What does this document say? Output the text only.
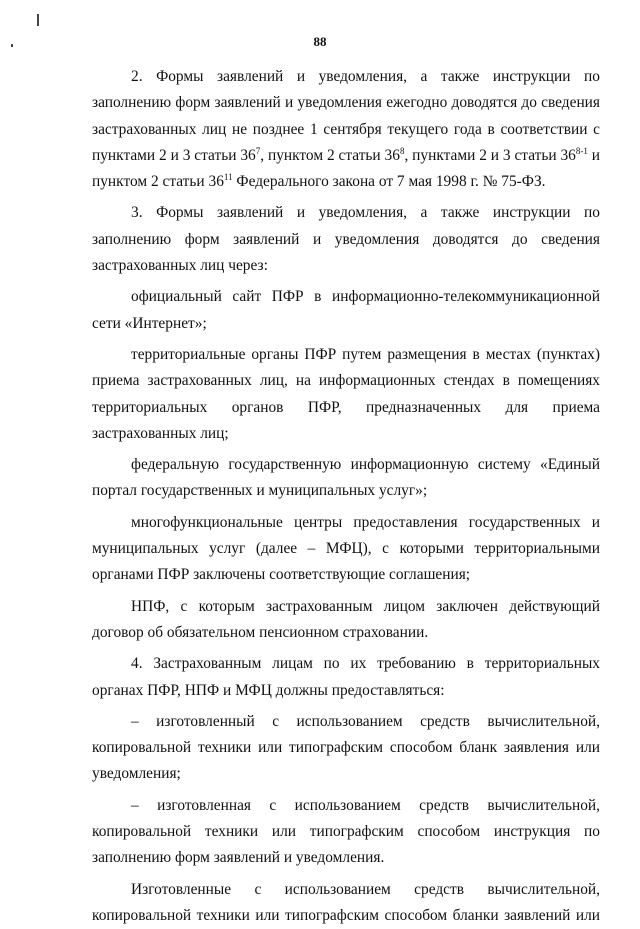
88

2. Формы заявлений и уведомления, а также инструкции по заполнению форм заявлений и уведомления ежегодно доводятся до сведения застрахованных лиц не позднее 1 сентября текущего года в соответствии с пунктами 2 и 3 статьи $36^7$, пунктом 2 статьи $36^8$, пунктами 2 и 3 статьи 36$^{8-1}$ и пунктом 2 статьи $36^{11}$ Федерального закона от 7 мая 1998 г. № 75-ФЗ.

3. Формы заявлений и уведомления, а также инструкции по заполнению форм заявлений и уведомления доводятся до сведения застрахованных лиц через:

официальный сайт ПФР в информационно-телекоммуникационной сети «Интернет»;

территориальные органы ПФР путем размещения в местах (пунктах) приема застрахованных лиц, на информационных стендах в помещениях территориальных органов ПФР, предназначенных для приема застрахованных лиц;

федеральную государственную информационную систему «Единый портал государственных и муниципальных услуг»;

многофункциональные центры предоставления государственных и муниципальных услуг (далее – МФЦ), с которыми территориальными органами ПФР заключены соответствующие соглашения;

НПФ, с которым застрахованным лицом заключен действующий договор об обязательном пенсионном страховании.

4. Застрахованным лицам по их требованию в территориальных органах ПФР, НПФ и МФЦ должны предоставляться:

– изготовленный с использованием средств вычислительной, копировальной техники или типографским способом бланк заявления или уведомления;

– изготовленная с использованием средств вычислительной, копировальной техники или типографским способом инструкция по заполнению форм заявлений и уведомления.

Изготовленные с использованием средств вычислительной, копировальной техники или типографским способом бланки заявлений или
